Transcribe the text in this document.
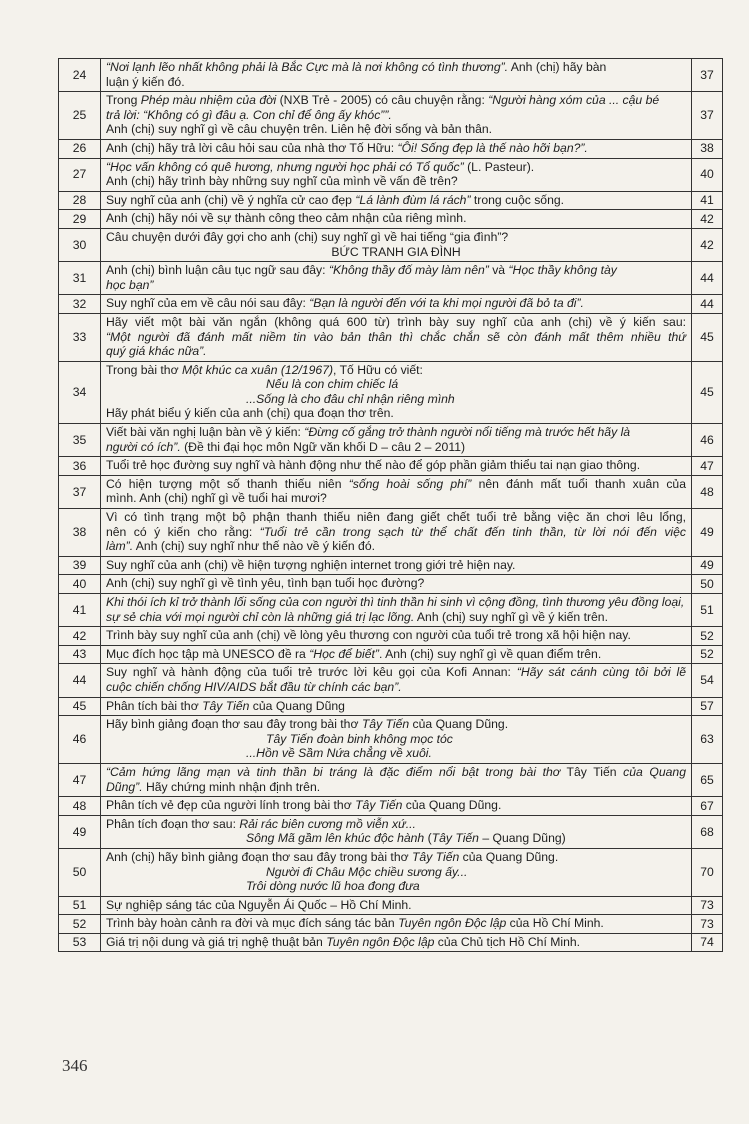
24	“Nơi lạnh lẽo nhất không phải là Bắc Cực mà là nơi không có tình thương”. Anh (chị) hãy bàn
luận ý kiến đó.	37
25	Trong Phép màu nhiệm của đời (NXB Trẻ - 2005) có câu chuyện rằng: “Người hàng xóm của ... cậu bé
trả lời: “Không có gì đâu ạ. Con chỉ để ông ấy khóc””.
Anh (chị) suy nghĩ gì về câu chuyện trên. Liên hệ đời sống và bản thân.	37
26	Anh (chị) hãy trả lời câu hỏi sau của nhà thơ Tố Hữu: “Ôi! Sống đẹp là thế nào hỡi bạn?”.	38
27	“Học vấn không có quê hương, nhưng người học phải có Tổ quốc” (L. Pasteur).
Anh (chị) hãy trình bày những suy nghĩ của mình về vấn đề trên?	40
28	Suy nghĩ của anh (chị) về ý nghĩa cử cao đẹp “Lá lành đùm lá rách” trong cuộc sống.	41
29	Anh (chị) hãy nói về sự thành công theo cảm nhận của riêng mình.	42
30	Câu chuyện dưới đây gợi cho anh (chị) suy nghĩ gì về hai tiếng “gia đình”?
BỨC TRANH GIA ĐÌNH	42
31	Anh (chị) bình luận câu tục ngữ sau đây: “Không thầy đố mày làm nên” và “Học thầy không tày
học bạn”	44
32	Suy nghĩ của em về câu nói sau đây: “Bạn là người đến với ta khi mọi người đã bỏ ta đi”.	44
33	Hãy viết một bài văn ngắn (không quá 600 từ) trình bày suy nghĩ của anh (chị) về ý kiến sau:
“Một người đã đánh mất niềm tin vào bản thân thì chắc chắn sẽ còn đánh mất thêm nhiều thứ
quý giá khác nữa”.	45
34	Trong bài thơ Một khúc ca xuân (12/1967), Tố Hữu có viết:
Nếu là con chim chiếc lá
...Sống là cho đâu chỉ nhận riêng mình
Hãy phát biểu ý kiến của anh (chị) qua đoạn thơ trên.	45
35	Viết bài văn nghị luận bàn về ý kiến: “Đừng cố gắng trở thành người nổi tiếng mà trước hết hãy là
người có ích”. (Đề thi đại học môn Ngữ văn khối D – câu 2 – 2011)	46
36	Tuổi trẻ học đường suy nghĩ và hành động như thế nào để góp phần giảm thiểu tai nạn giao thông.	47
37	Có hiện tượng một số thanh thiếu niên “sống hoài sống phí” nên đánh mất tuổi thanh xuân của
mình. Anh (chị) nghĩ gì về tuổi hai mươi?	48
38	Vì có tình trạng một bộ phận thanh thiếu niên đang giết chết tuổi trẻ bằng việc ăn chơi lêu lổng,
nên có ý kiến cho rằng: “Tuổi trẻ cần trong sạch từ thể chất đến tinh thần, từ lời nói đến việc
làm”. Anh (chị) suy nghĩ như thế nào về ý kiến đó.	49
39	Suy nghĩ của anh (chị) về hiện tượng nghiện internet trong giới trẻ hiện nay.	49
40	Anh (chị) suy nghĩ gì về tình yêu, tình bạn tuổi học đường?	50
41	Khi thói ích kỉ trở thành lối sống của con người thì tinh thần hi sinh vì cộng đồng, tình thương yêu đồng loại,
sự sẻ chia với mọi người chỉ còn là những giá trị lạc lõng. Anh (chị) suy nghĩ gì về ý kiến trên.	51
42	Trình bày suy nghĩ của anh (chị) về lòng yêu thương con người của tuổi trẻ trong xã hội hiện nay.	52
43	Mục đích học tập mà UNESCO đề ra “Học để biết”. Anh (chị) suy nghĩ gì về quan điểm trên.	52
44	Suy nghĩ và hành động của tuổi trẻ trước lời kêu gọi của Kofi Annan: “Hãy sát cánh cùng tôi bởi lẽ
cuộc chiến chống HIV/AIDS bắt đầu từ chính các bạn”.	54
45	Phân tích bài thơ Tây Tiến của Quang Dũng	57
46	Hãy bình giảng đoạn thơ sau đây trong bài thơ Tây Tiến của Quang Dũng.
Tây Tiến đoàn binh không mọc tóc
...Hồn về Sầm Nứa chẳng về xuôi.	63
47	“Cảm hứng lãng mạn và tinh thần bi tráng là đặc điểm nổi bật trong bài thơ Tây Tiến của Quang
Dũng”. Hãy chứng minh nhận định trên.	65
48	Phân tích vẻ đẹp của người lính trong bài thơ Tây Tiến của Quang Dũng.	67
49	Phân tích đoạn thơ sau: Rải rác biên cương mồ viễn xứ...
Sông Mã gầm lên khúc độc hành (Tây Tiến – Quang Dũng)	68
50	Anh (chị) hãy bình giảng đoạn thơ sau đây trong bài thơ Tây Tiến của Quang Dũng.
Người đi Châu Mộc chiều sương ấy...
Trôi dòng nước lũ hoa đong đưa	70
51	Sự nghiệp sáng tác của Nguyễn Ái Quốc – Hồ Chí Minh.	73
52	Trình bày hoàn cảnh ra đời và mục đích sáng tác bản Tuyên ngôn Độc lập của Hồ Chí Minh.	73
53	Giá trị nội dung và giá trị nghệ thuật bản Tuyên ngôn Độc lập của Chủ tịch Hồ Chí Minh.	74
346
